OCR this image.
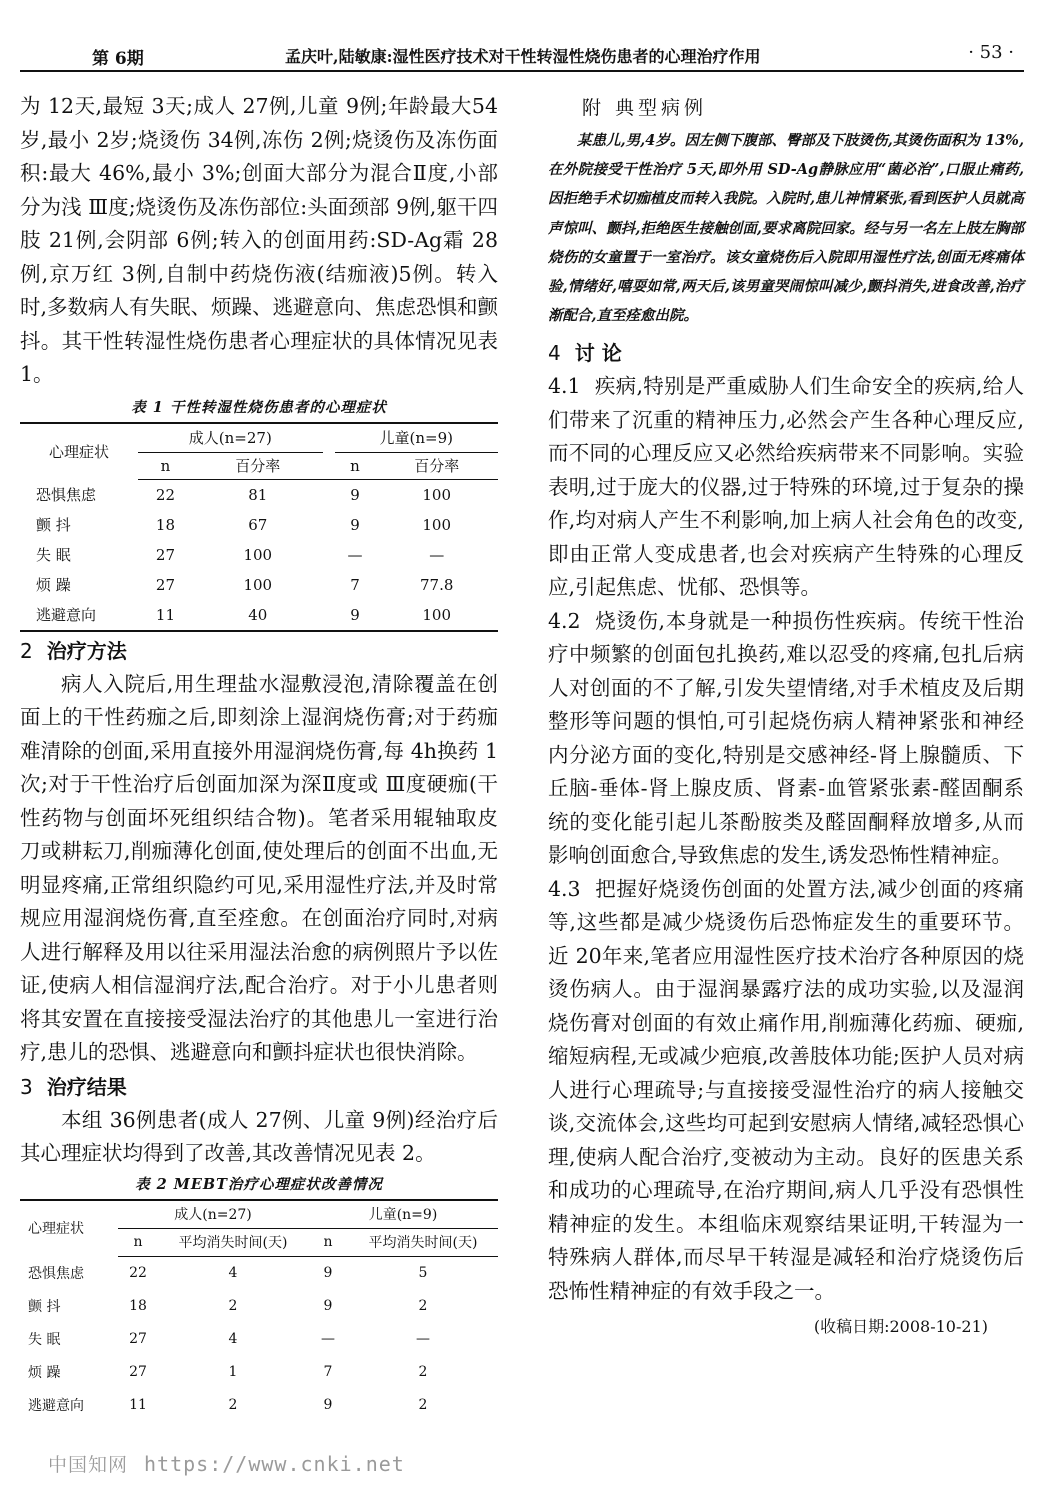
第 6期	孟庆叶,陆敏康:湿性医疗技术对干性转湿性烧伤患者的心理治疗作用	· 53 ·

为 12天,最短 3天;成人 27例,儿童 9例;年龄最大54岁,最小 2岁;烧烫伤 34例,冻伤 2例;烧烫伤及冻伤面积:最大 46%,最小 3%;创面大部分为混合Ⅱ度,小部分为浅 Ⅲ度;烧烫伤及冻伤部位:头面颈部 9例,躯干四肢 21例,会阴部 6例;转入的创面用药:SD-Ag霜 28例,京万红 3例,自制中药烧伤液(结痂液)5例。转入时,多数病人有失眠、烦躁、逃避意向、焦虑恐惧和颤抖。其干性转湿性烧伤患者心理症状的具体情况见表 1。

表 1 干性转湿性烧伤患者的心理症状

心理症状	成人(n=27)			儿童(n=9)	
	n	百分率		n	百分率
恐惧焦虑	22	81		9	100
颤 抖	18	67		9	100
失 眠	27	100		—	—
烦 躁	27	100		7	77.8
逃避意向	11	40		9	100

2 治疗方法

病人入院后,用生理盐水湿敷浸泡,清除覆盖在创面上的干性药痂之后,即刻涂上湿润烧伤膏;对于药痂难清除的创面,采用直接外用湿润烧伤膏,每 4h换药 1次;对于干性治疗后创面加深为深Ⅱ度或 Ⅲ度硬痂(干性药物与创面坏死组织结合物)。笔者采用辊轴取皮刀或耕耘刀,削痂薄化创面,使处理后的创面不出血,无明显疼痛,正常组织隐约可见,采用湿性疗法,并及时常规应用湿润烧伤膏,直至痊愈。在创面治疗同时,对病人进行解释及用以往采用湿法治愈的病例照片予以佐证,使病人相信湿润疗法,配合治疗。对于小儿患者则将其安置在直接接受湿法治疗的其他患儿一室进行治疗,患儿的恐惧、逃避意向和颤抖症状也很快消除。

3 治疗结果

本组 36例患者(成人 27例、儿童 9例)经治疗后其心理症状均得到了改善,其改善情况见表 2。

表 2 MEBT治疗心理症状改善情况

心理症状	成人(n=27)		儿童(n=9)	
	n	平均消失时间(天)	n	平均消失时间(天)
恐惧焦虑	22	4	9	5
颤 抖	18	2	9	2
失 眠	27	4	—	—
烦 躁	27	1	7	2
逃避意向	11	2	9	2

附 典型病例

某患儿,男,4岁。因左侧下腹部、臀部及下肢烫伤,其烫伤面积为 13%,在外院接受干性治疗 5天,即外用 SD-Ag静脉应用“菌必治”,口服止痛药,因拒绝手术切痂植皮而转入我院。入院时,患儿神情紧张,看到医护人员就高声惊叫、颤抖,拒绝医生接触创面,要求离院回家。经与另一名左上肢左胸部烧伤的女童置于一室治疗。该女童烧伤后入院即用湿性疗法,创面无疼痛体验,情绪好,嘻耍如常,两天后,该男童哭闹惊叫减少,颤抖消失,进食改善,治疗渐配合,直至痊愈出院。

4 讨 论

4.1 疾病,特别是严重威胁人们生命安全的疾病,给人们带来了沉重的精神压力,必然会产生各种心理反应,而不同的心理反应又必然给疾病带来不同影响。实验表明,过于庞大的仪器,过于特殊的环境,过于复杂的操作,均对病人产生不利影响,加上病人社会角色的改变,即由正常人变成患者,也会对疾病产生特殊的心理反应,引起焦虑、忧郁、恐惧等。

4.2 烧烫伤,本身就是一种损伤性疾病。传统干性治疗中频繁的创面包扎换药,难以忍受的疼痛,包扎后病人对创面的不了解,引发失望情绪,对手术植皮及后期整形等问题的惧怕,可引起烧伤病人精神紧张和神经内分泌方面的变化,特别是交感神经-肾上腺髓质、下丘脑-垂体-肾上腺皮质、肾素-血管紧张素-醛固酮系统的变化能引起儿茶酚胺类及醛固酮释放增多,从而影响创面愈合,导致焦虑的发生,诱发恐怖性精神症。

4.3 把握好烧烫伤创面的处置方法,减少创面的疼痛等,这些都是减少烧烫伤后恐怖症发生的重要环节。近 20年来,笔者应用湿性医疗技术治疗各种原因的烧烫伤病人。由于湿润暴露疗法的成功实验,以及湿润烧伤膏对创面的有效止痛作用,削痂薄化药痂、硬痂,缩短病程,无或减少疤痕,改善肢体功能;医护人员对病人进行心理疏导;与直接接受湿性治疗的病人接触交谈,交流体会,这些均可起到安慰病人情绪,减轻恐惧心理,使病人配合治疗,变被动为主动。良好的医患关系和成功的心理疏导,在治疗期间,病人几乎没有恐惧性精神症的发生。本组临床观察结果证明,干转湿为一特殊病人群体,而尽早干转湿是减轻和治疗烧烫伤后恐怖性精神症的有效手段之一。

(收稿日期:2008-10-21)

中国知网 https://www.cnki.net
